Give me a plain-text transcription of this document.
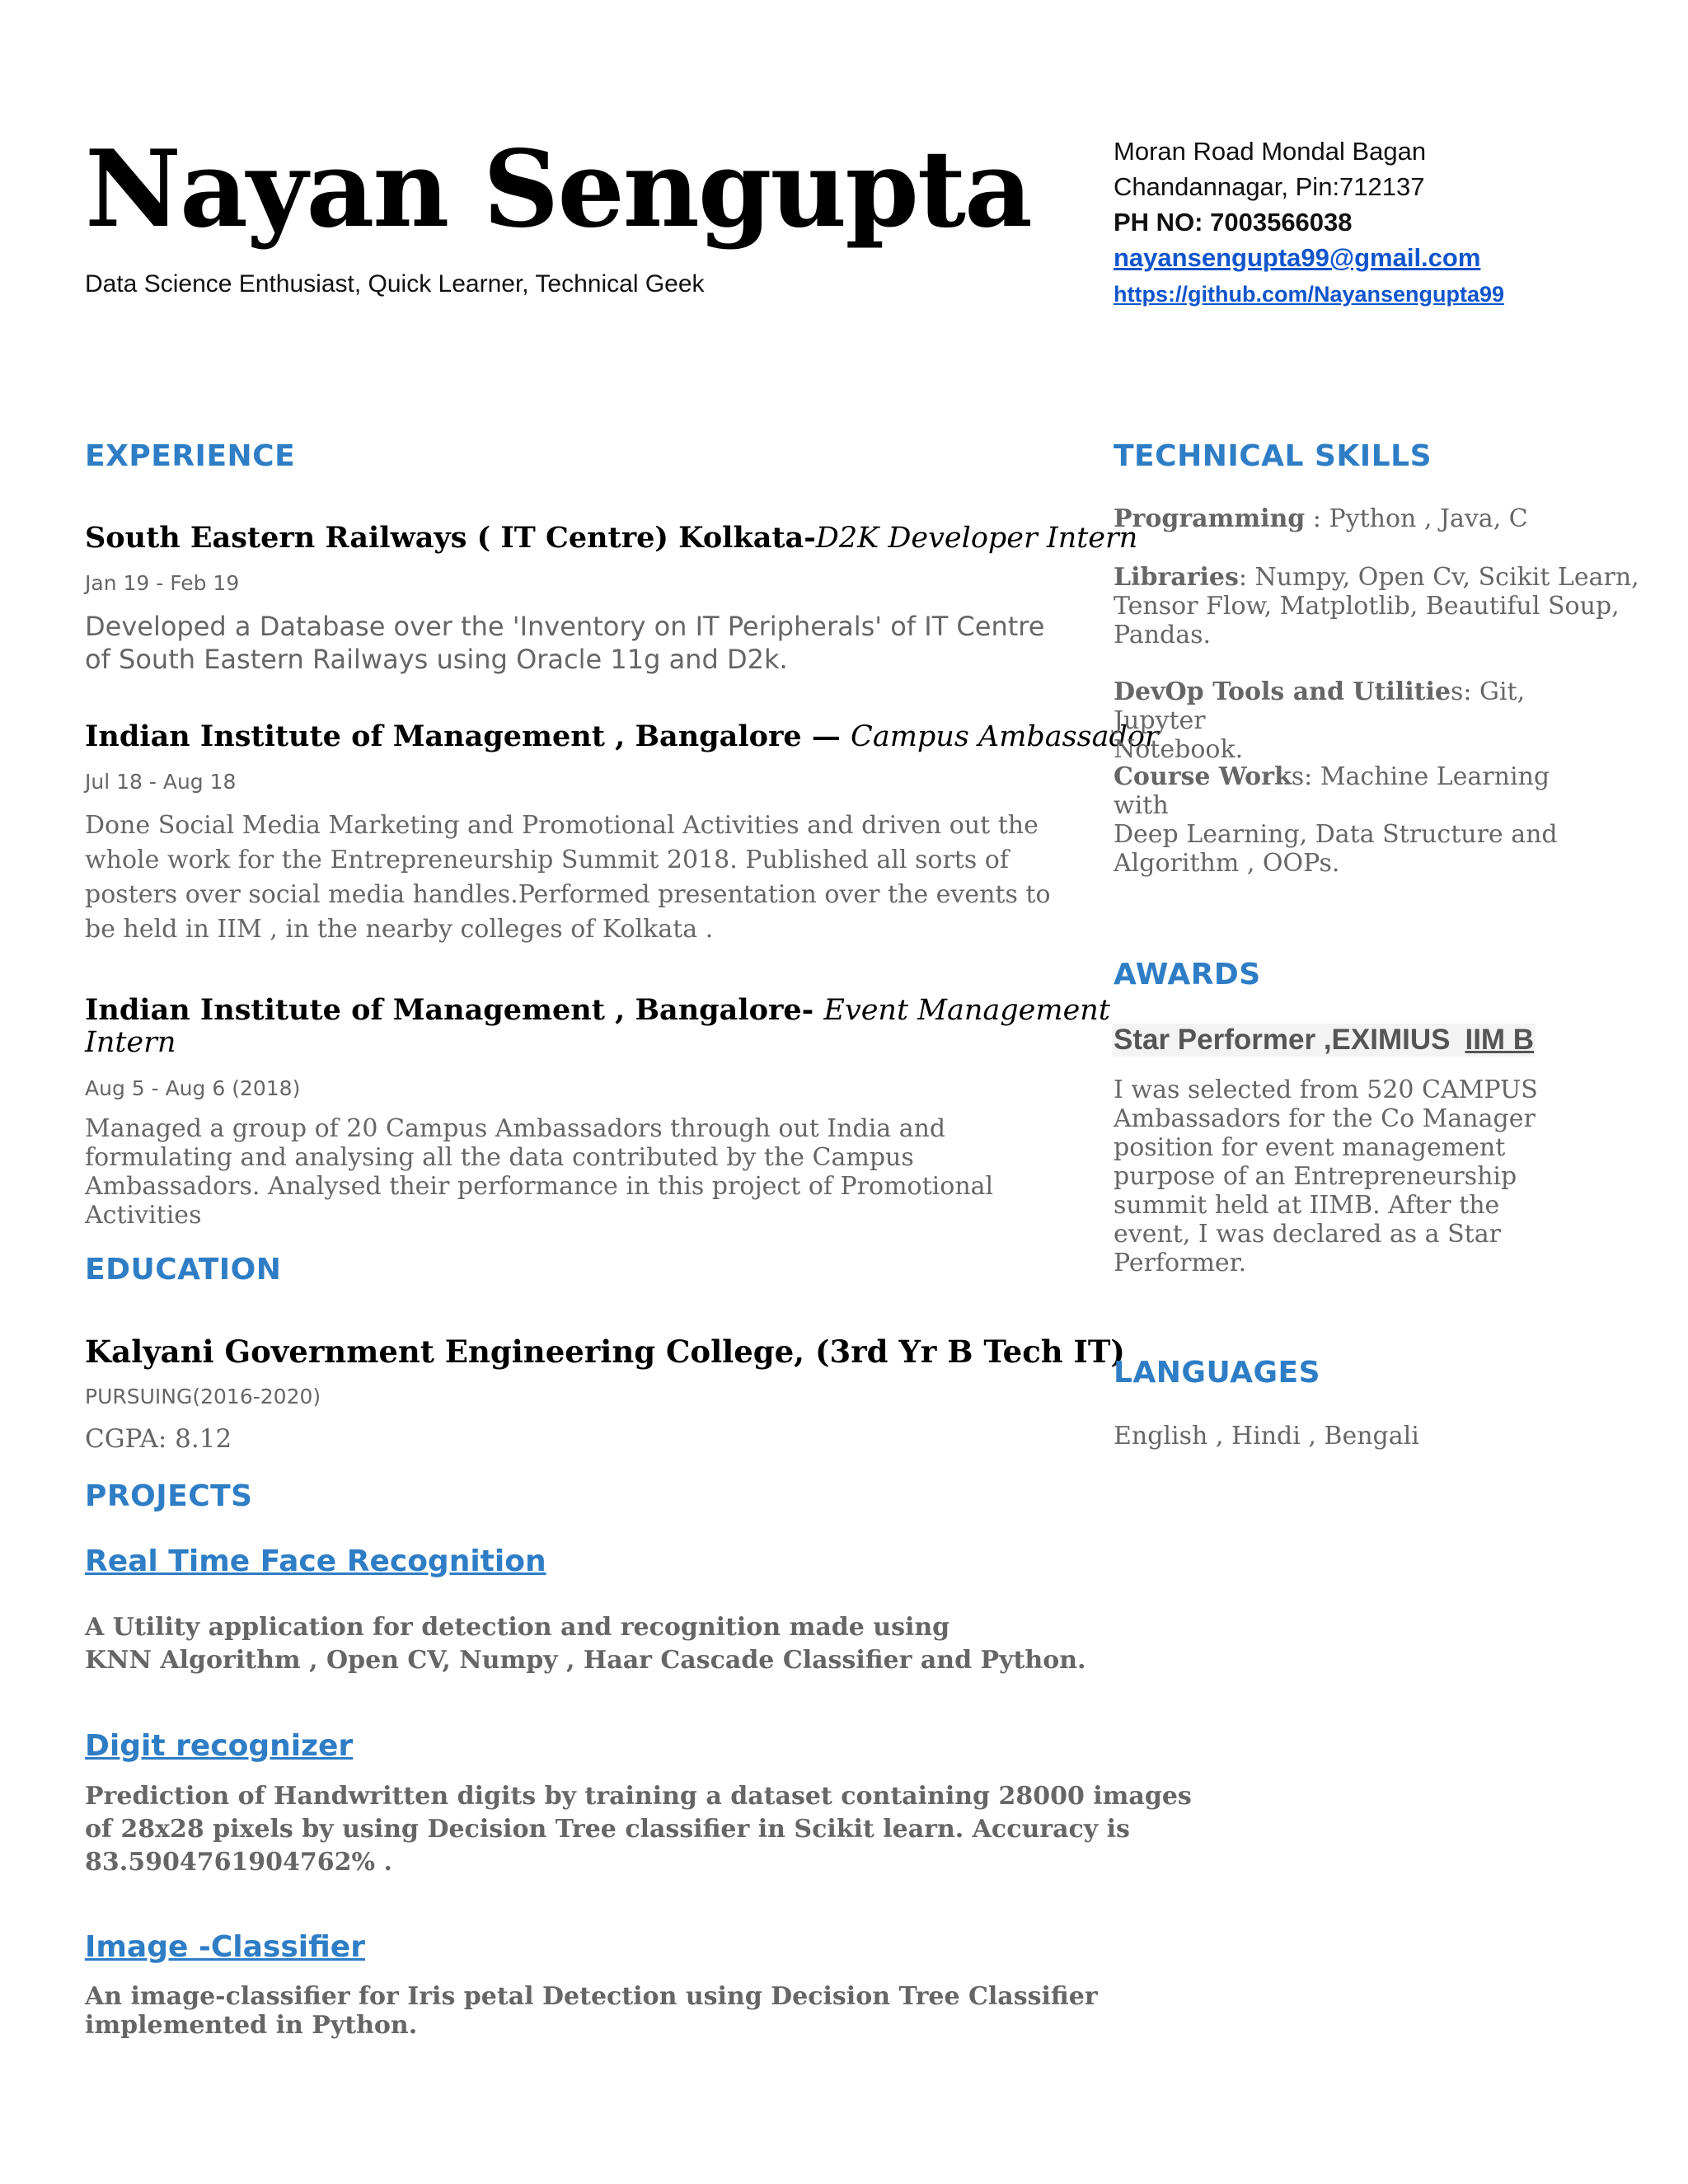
Nayan Sengupta
Data Science Enthusiast, Quick Learner, Technical Geek
Moran Road Mondal Bagan
Chandannagar, Pin:712137
PH NO: 7003566038
nayansengupta99@gmail.com
https://github.com/Nayansengupta99
EXPERIENCE
South Eastern Railways ( IT Centre) Kolkata-D2K Developer Intern
Jan 19 - Feb 19
Developed a Database over the 'Inventory on IT Peripherals' of IT Centre
of South Eastern Railways using Oracle 11g and D2k.
Indian Institute of Management , Bangalore — Campus Ambassador
Jul 18 - Aug 18
Done Social Media Marketing and Promotional Activities and driven out the
whole work for the Entrepreneurship Summit 2018. Published all sorts of
posters over social media handles.Performed presentation over the events to
be held in IIM , in the nearby colleges of Kolkata .
Indian Institute of Management , Bangalore- Event Management
Intern
Aug 5 - Aug 6 (2018)
Managed a group of 20 Campus Ambassadors through out India and
formulating and analysing all the data contributed by the Campus
Ambassadors. Analysed their performance in this project of Promotional
Activities
EDUCATION
Kalyani Government Engineering College, (3rd Yr B Tech IT)
PURSUING(2016-2020)
CGPA: 8.12
PROJECTS
Real Time Face Recognition
A Utility application for detection and recognition made using
KNN Algorithm , Open CV, Numpy , Haar Cascade Classifier and Python.
Digit recognizer
Prediction of Handwritten digits by training a dataset containing 28000 images
of 28x28 pixels by using Decision Tree classifier in Scikit learn. Accuracy is
83.5904761904762% .
Image -Classifier
An image-classifier for Iris petal Detection using Decision Tree Classifier
implemented in Python.
TECHNICAL SKILLS
Programming : Python , Java, C
Libraries: Numpy, Open Cv, Scikit Learn,
Tensor Flow, Matplotlib, Beautiful Soup,
Pandas.
DevOp Tools and Utilities: Git, Jupyter
Notebook.
Course Works: Machine Learning with
Deep Learning, Data Structure and
Algorithm , OOPs.
AWARDS
Star Performer ,EXIMIUS IIM B
I was selected from 520 CAMPUS
Ambassadors for the Co Manager
position for event management
purpose of an Entrepreneurship
summit held at IIMB. After the
event, I was declared as a Star
Performer.
LANGUAGES
English , Hindi , Bengali
